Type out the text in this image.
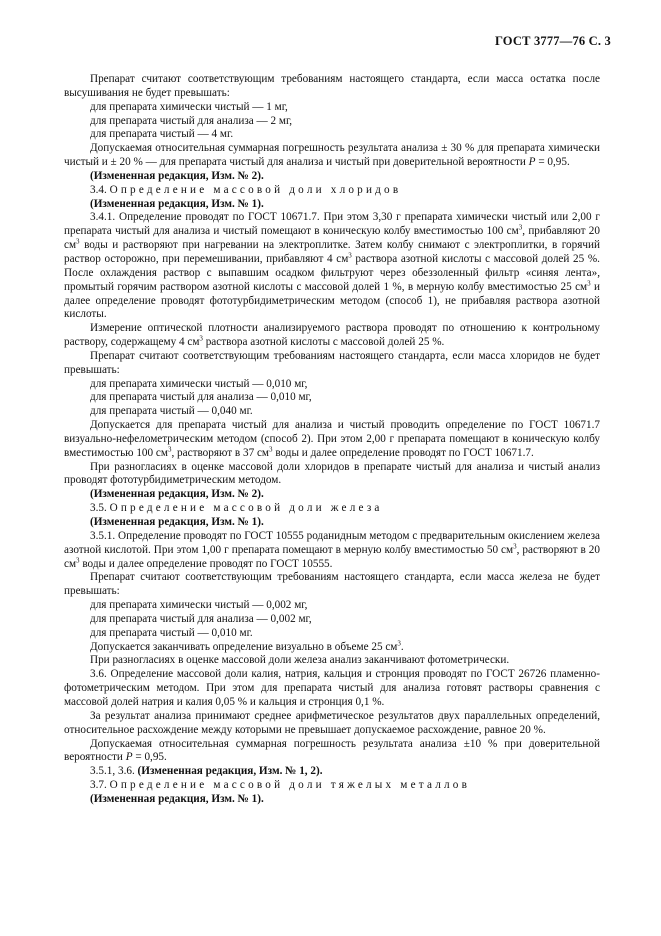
ГОСТ 3777—76 С. 3
Препарат считают соответствующим требованиям настоящего стандарта, если масса остатка после высушивания не будет превышать:
для препарата химически чистый — 1 мг,
для препарата чистый для анализа — 2 мг,
для препарата чистый — 4 мг.
Допускаемая относительная суммарная погрешность результата анализа ± 30 % для препарата химически чистый и ± 20 % — для препарата чистый для анализа и чистый при доверительной вероятности P = 0,95.
(Измененная редакция, Изм. № 2).
3.4. Определение массовой доли хлоридов
(Измененная редакция, Изм. № 1).
3.4.1. Определение проводят по ГОСТ 10671.7. При этом 3,30 г препарата химически чистый или 2,00 г препарата чистый для анализа и чистый помещают в коническую колбу вместимостью 100 $см^3$, прибавляют 20 $см^3$ воды и растворяют при нагревании на электроплитке. Затем колбу снимают с электроплитки, в горячий раствор осторожно, при перемешивании, прибавляют 4 $см^3$ раствора азотной кислоты с массовой долей 25 %. После охлаждения раствор с выпавшим осадком фильтруют через обеззоленный фильтр «синяя лента», промытый горячим раствором азотной кислоты с массовой долей 1 %, в мерную колбу вместимостью 25 $см^3$ и далее определение проводят фототурбидиметрическим методом (способ 1), не прибавляя раствора азотной кислоты.
Измерение оптической плотности анализируемого раствора проводят по отношению к контрольному раствору, содержащему 4 $см^3$ раствора азотной кислоты с массовой долей 25 %.
Препарат считают соответствующим требованиям настоящего стандарта, если масса хлоридов не будет превышать:
для препарата химически чистый — 0,010 мг,
для препарата чистый для анализа — 0,010 мг,
для препарата чистый — 0,040 мг.
Допускается для препарата чистый для анализа и чистый проводить определение по ГОСТ 10671.7 визуально-нефелометрическим методом (способ 2). При этом 2,00 г препарата помещают в коническую колбу вместимостью 100 $см^3$, растворяют в 37 $см^3$ воды и далее определение проводят по ГОСТ 10671.7.
При разногласиях в оценке массовой доли хлоридов в препарате чистый для анализа и чистый анализ проводят фототурбидиметрическим методом.
(Измененная редакция, Изм. № 2).
3.5. Определение массовой доли железа
(Измененная редакция, Изм. № 1).
3.5.1. Определение проводят по ГОСТ 10555 роданидным методом с предварительным окислением железа азотной кислотой. При этом 1,00 г препарата помещают в мерную колбу вместимостью 50 $см^3$, растворяют в 20 $см^3$ воды и далее определение проводят по ГОСТ 10555.
Препарат считают соответствующим требованиям настоящего стандарта, если масса железа не будет превышать:
для препарата химически чистый — 0,002 мг,
для препарата чистый для анализа — 0,002 мг,
для препарата чистый — 0,010 мг.
Допускается заканчивать определение визуально в объеме 25 $см^3$.
При разногласиях в оценке массовой доли железа анализ заканчивают фотометрически.
3.6. Определение массовой доли калия, натрия, кальция и стронция проводят по ГОСТ 26726 пламенно-фотометрическим методом. При этом для препарата чистый для анализа готовят растворы сравнения с массовой долей натрия и калия 0,05 % и кальция и стронция 0,1 %.
За результат анализа принимают среднее арифметическое результатов двух параллельных определений, относительное расхождение между которыми не превышает допускаемое расхождение, равное 20 %.
Допускаемая относительная суммарная погрешность результата анализа ±10 % при доверительной вероятности P = 0,95.
3.5.1, 3.6. (Измененная редакция, Изм. № 1, 2).
3.7. Определение массовой доли тяжелых металлов
(Измененная редакция, Изм. № 1).
